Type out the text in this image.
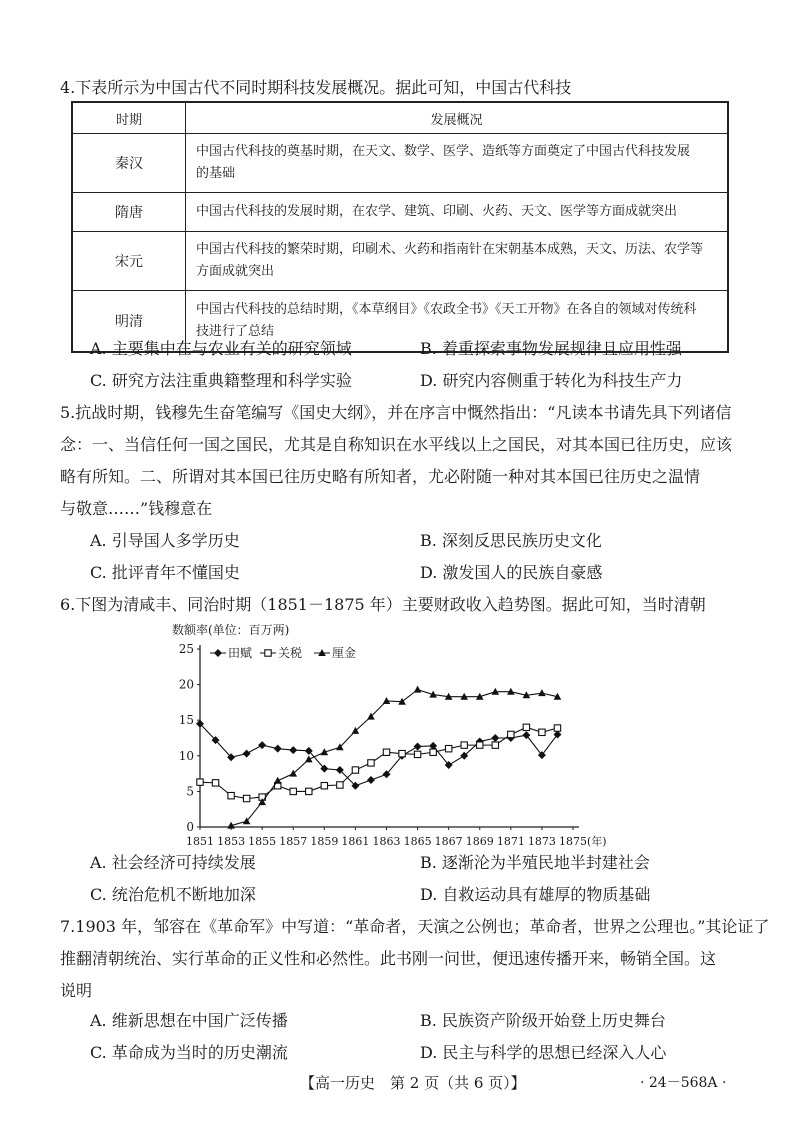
4.下表所示为中国古代不同时期科技发展概况。据此可知，中国古代科技
时期	发展概况
秦汉	中国古代科技的奠基时期，在天文、数学、医学、造纸等方面奠定了中国古代科技发展
的基础

隋唐	中国古代科技的发展时期，在农学、建筑、印刷、火药、天文、医学等方面成就突出

宋元	中国古代科技的繁荣时期，印刷术、火药和指南针在宋朝基本成熟，天文、历法、农学等
方面成就突出

明清	中国古代科技的总结时期，《本草纲目》《农政全书》《天工开物》在各自的领域对传统科
技进行了总结
A. 主要集中在与农业有关的研究领域	B. 着重探索事物发展规律且应用性强
C. 研究方法注重典籍整理和科学实验	D. 研究内容侧重于转化为科技生产力
5.抗战时期，钱穆先生奋笔编写《国史大纲》，并在序言中慨然指出：“凡读本书请先具下列诸信
念：一、当信任何一国之国民，尤其是自称知识在水平线以上之国民，对其本国已往历史，应该
略有所知。二、所谓对其本国已往历史略有所知者，尤必附随一种对其本国已往历史之温情
与敬意……”钱穆意在
A. 引导国人多学历史	B. 深刻反思民族历史文化
C. 批评青年不懂国史	D. 激发国人的民族自豪感
6.下图为清咸丰、同治时期（1851－1875 年）主要财政收入趋势图。据此可知，当时清朝
数额率(单位：百万两)
0
5
10
15
20
25
1851 1853 1855 1857 1859 1861 1863 1865 1867 1869 1871 1873 1875 (年)
田赋 关税 厘金
A. 社会经济可持续发展	B. 逐渐沦为半殖民地半封建社会
C. 统治危机不断地加深	D. 自救运动具有雄厚的物质基础
7.1903 年，邹容在《革命军》中写道：“革命者，天演之公例也；革命者，世界之公理也。”其论证了
推翻清朝统治、实行革命的正义性和必然性。此书刚一问世，便迅速传播开来，畅销全国。这
说明
A. 维新思想在中国广泛传播	B. 民族资产阶级开始登上历史舞台
C. 革命成为当时的历史潮流	D. 民主与科学的思想已经深入人心
【高一历史　第 2 页（共 6 页）】	· 24－568A ·
